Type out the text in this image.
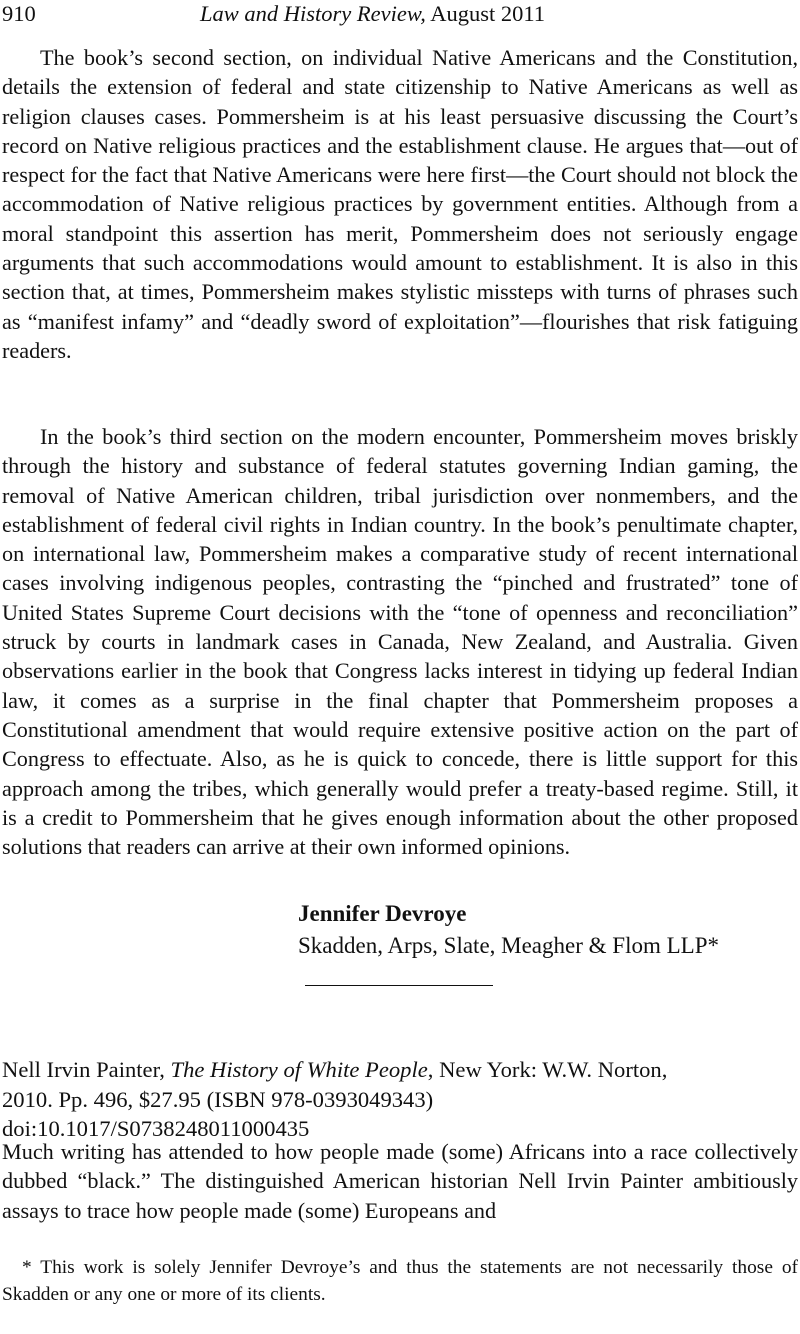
910	Law and History Review, August 2011

The book’s second section, on individual Native Americans and the Constitution, details the extension of federal and state citizenship to Native Americans as well as religion clauses cases. Pommersheim is at his least persuasive discussing the Court’s record on Native religious practices and the establishment clause. He argues that—out of respect for the fact that Native Americans were here first—the Court should not block the accommodation of Native religious practices by government entities. Although from a moral standpoint this assertion has merit, Pommersheim does not seriously engage arguments that such accommodations would amount to establishment. It is also in this section that, at times, Pommersheim makes stylistic missteps with turns of phrases such as “manifest infamy” and “deadly sword of exploitation”—flourishes that risk fatiguing readers.

In the book’s third section on the modern encounter, Pommersheim moves briskly through the history and substance of federal statutes governing Indian gaming, the removal of Native American children, tribal jurisdiction over nonmembers, and the establishment of federal civil rights in Indian country. In the book’s penultimate chapter, on international law, Pommersheim makes a comparative study of recent international cases involving indigenous peoples, contrasting the “pinched and frustrated” tone of United States Supreme Court decisions with the “tone of openness and reconciliation” struck by courts in landmark cases in Canada, New Zealand, and Australia. Given observations earlier in the book that Congress lacks interest in tidying up federal Indian law, it comes as a surprise in the final chapter that Pommersheim proposes a Constitutional amendment that would require extensive positive action on the part of Congress to effectuate. Also, as he is quick to concede, there is little support for this approach among the tribes, which generally would prefer a treaty-based regime. Still, it is a credit to Pommersheim that he gives enough information about the other proposed solutions that readers can arrive at their own informed opinions.

Jennifer Devroye
Skadden, Arps, Slate, Meagher & Flom LLP*
Nell Irvin Painter, The History of White People, New York: W.W. Norton,
2010. Pp. 496, $27.95 (ISBN 978-0393049343)
doi:10.1017/S0738248011000435

Much writing has attended to how people made (some) Africans into a race collectively dubbed “black.” The distinguished American historian Nell Irvin Painter ambitiously assays to trace how people made (some) Europeans and

* This work is solely Jennifer Devroye’s and thus the statements are not necessarily those of Skadden or any one or more of its clients.
